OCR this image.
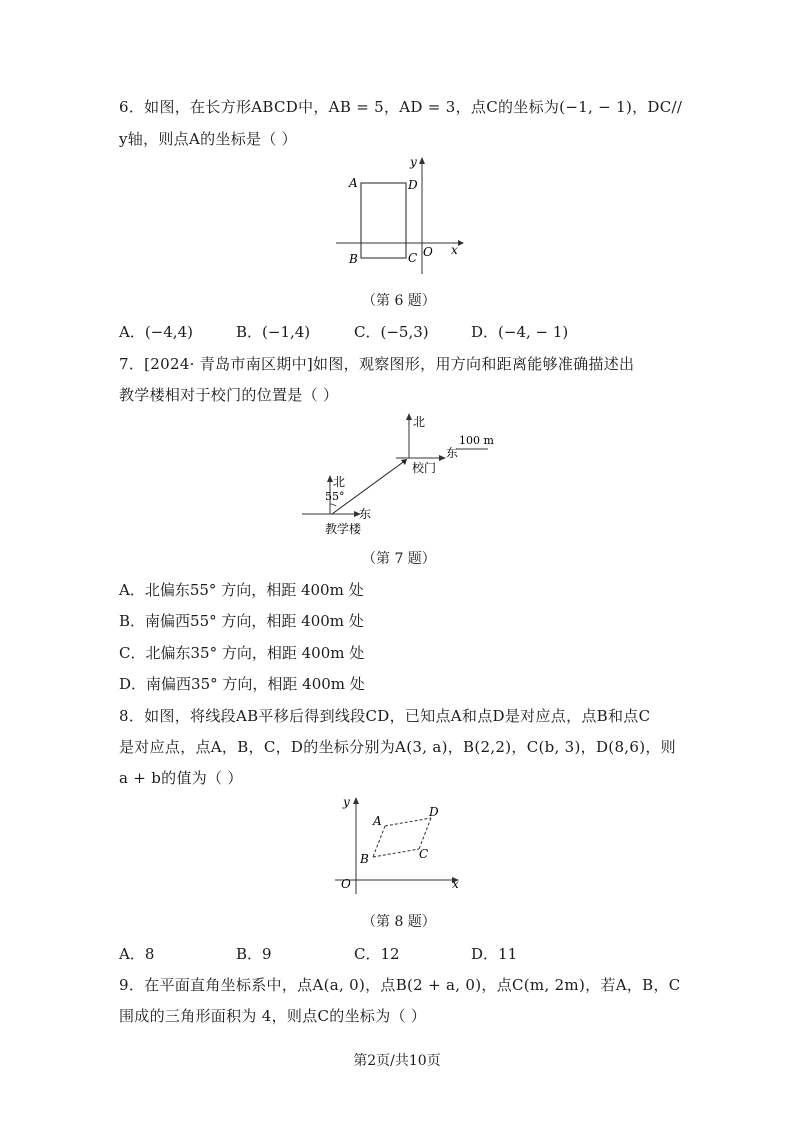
6．如图，在长方形ABCD中，AB = 5，AD = 3，点C的坐标为(−1, − 1)，DC//
y轴，则点A的坐标是（ ）
A	D
B	C O x
y
（第 6 题）
A．(−4,4)	B．(−1,4)	C．(−5,3)	D．(−4, − 1)
7．[2024· 青岛市南区期中]如图，观察图形，用方向和距离能够准确描述出
教学楼相对于校门的位置是（ ）
北
100 m
东
校门
北
55°
东
教学楼
（第 7 题）
A．北偏东55° 方向，相距 400m 处
B．南偏西55° 方向，相距 400m 处
C．北偏东35° 方向，相距 400m 处
D．南偏西35° 方向，相距 400m 处
8．如图，将线段AB平移后得到线段CD，已知点A和点D是对应点，点B和点C
是对应点，点A，B，C，D的坐标分别为A(3, a)，B(2,2)，C(b, 3)，D(8,6)，则
a + b的值为（ ）
A
D
B	C
O	x
y
（第 8 题）
A．8	B．9	C．12	D．11
9．在平面直角坐标系中，点A(a, 0)，点B(2 + a, 0)，点C(m, 2m)，若A，B，C
围成的三角形面积为 4，则点C的坐标为（ ）
第2页/共10页
